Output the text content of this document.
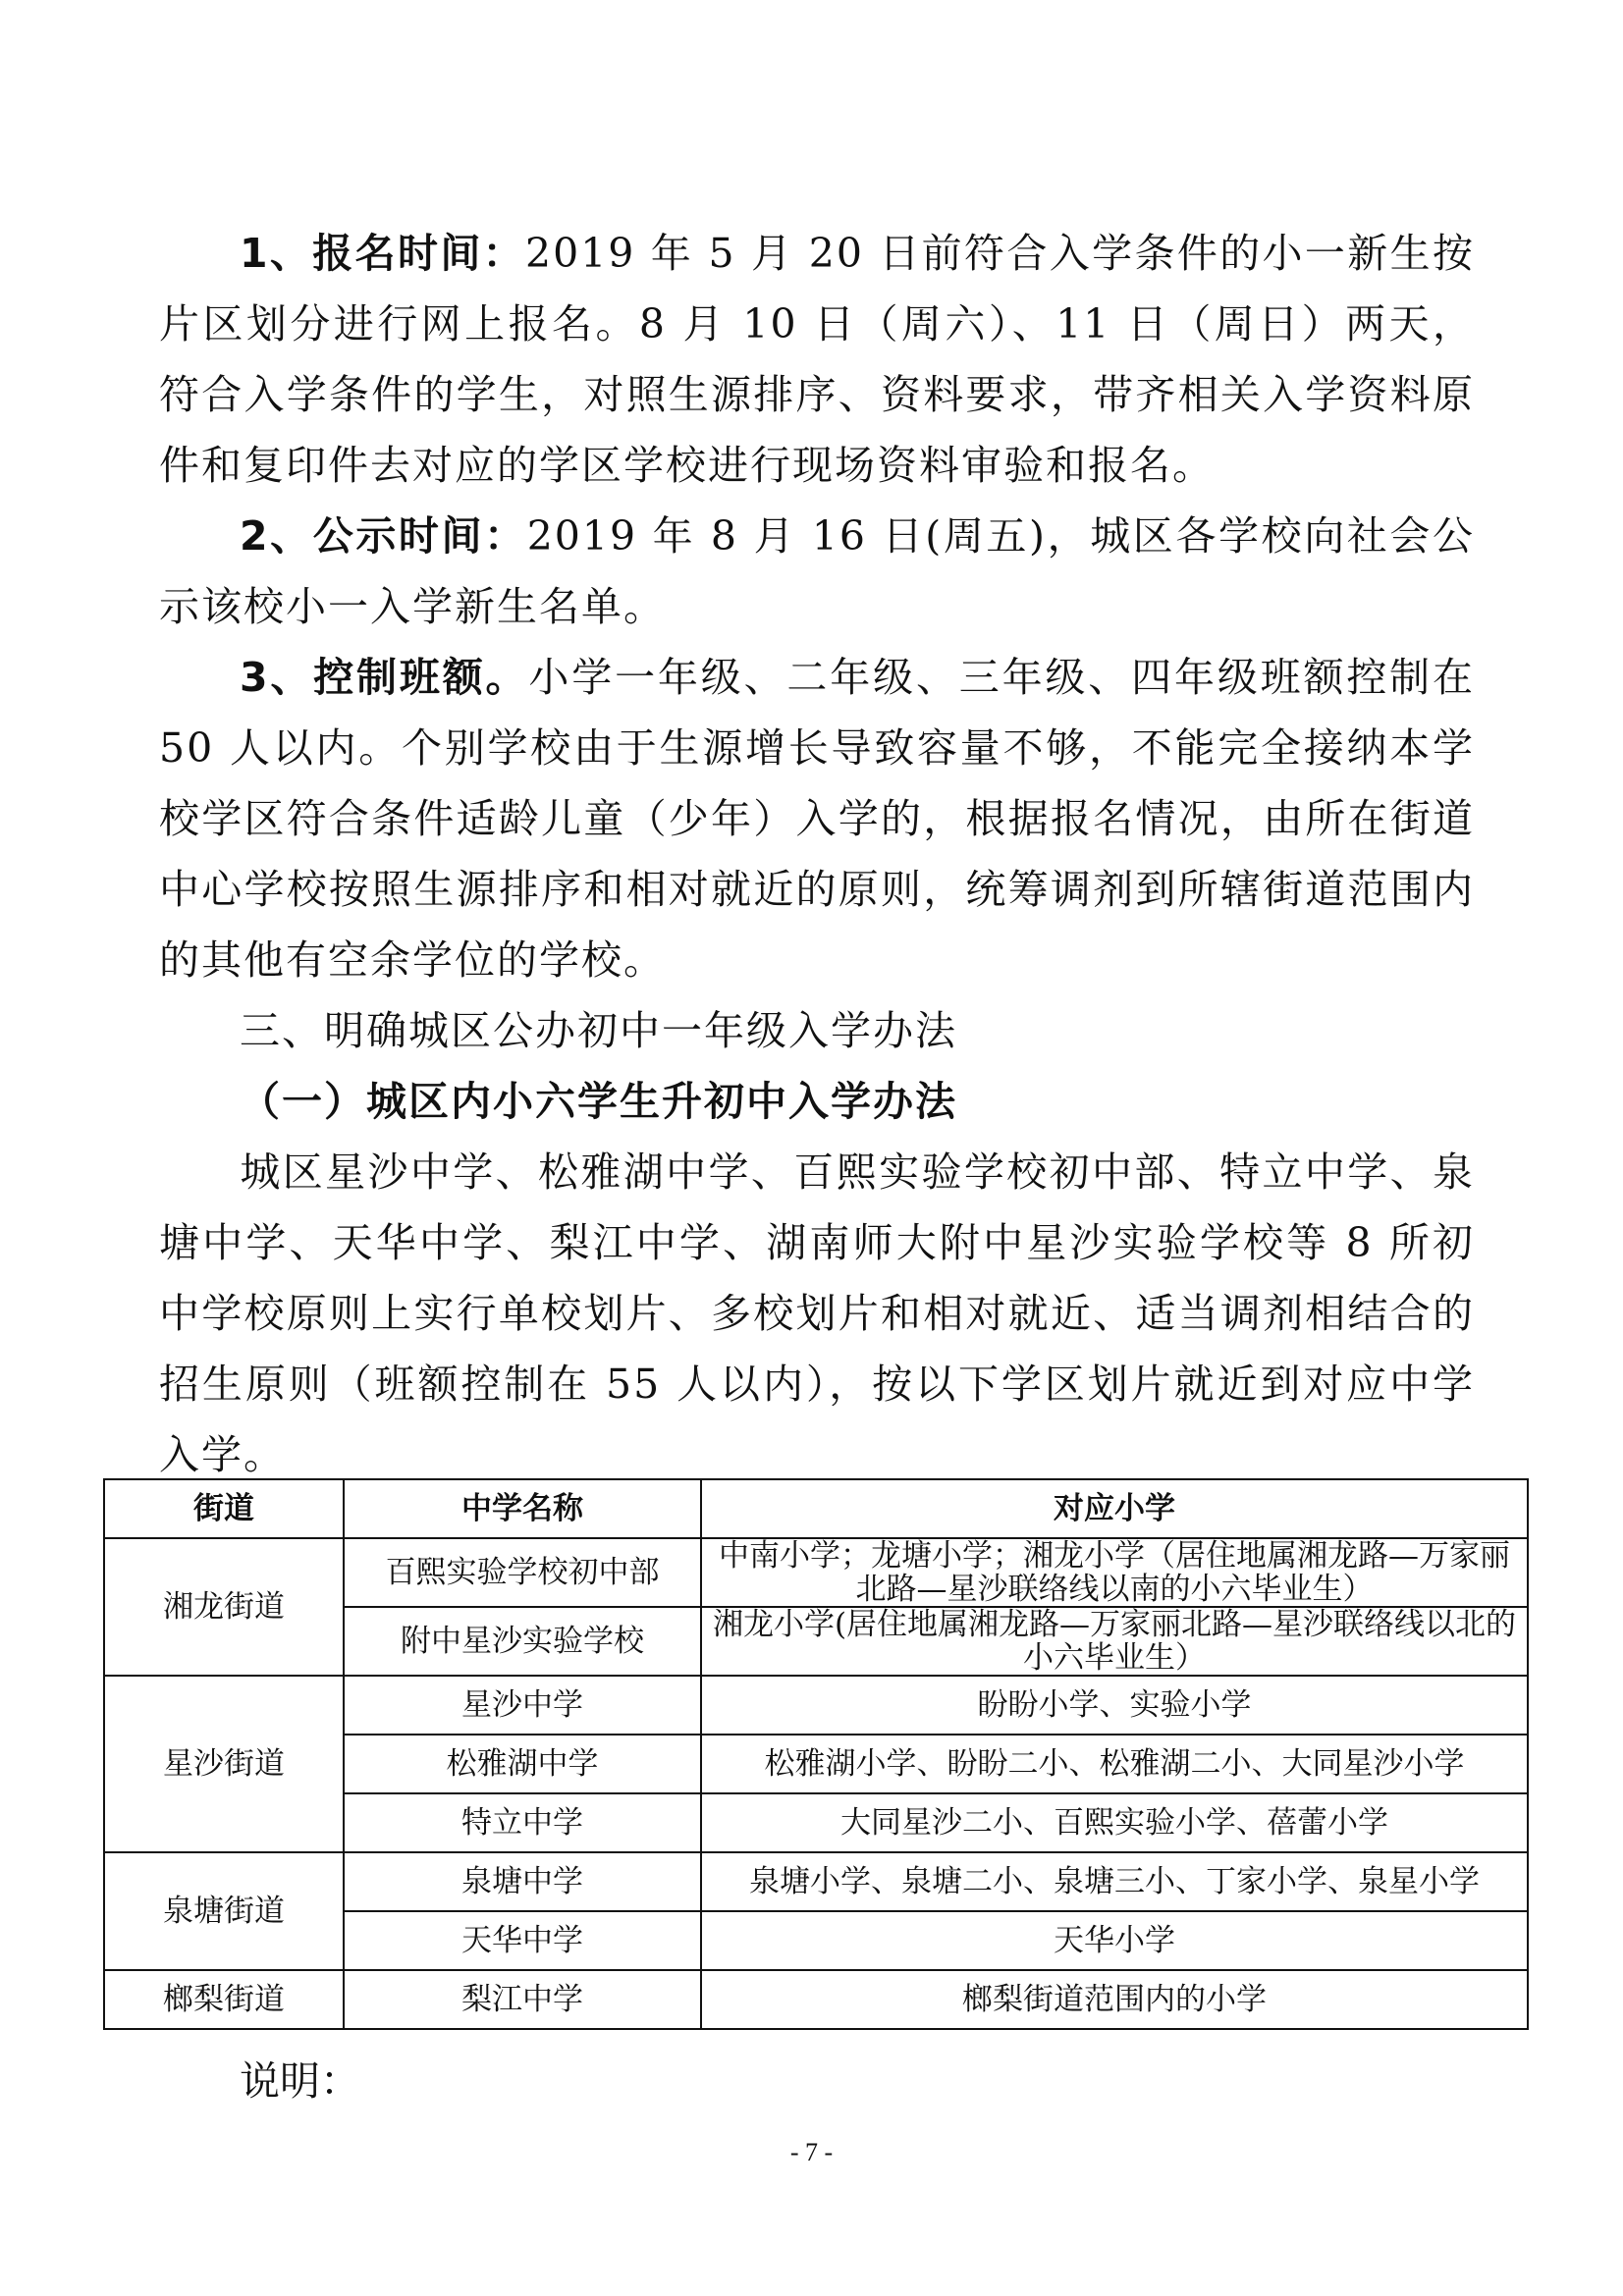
1、报名时间：2019 年 5 月 20 日前符合入学条件的小一新生按片区划分进行网上报名。8 月 10 日（周六）、11 日（周日）两天，符合入学条件的学生，对照生源排序、资料要求，带齐相关入学资料原件和复印件去对应的学区学校进行现场资料审验和报名。

2、公示时间：2019 年 8 月 16 日(周五)，城区各学校向社会公示该校小一入学新生名单。

3、控制班额。小学一年级、二年级、三年级、四年级班额控制在 50 人以内。个别学校由于生源增长导致容量不够，不能完全接纳本学校学区符合条件适龄儿童（少年）入学的，根据报名情况，由所在街道中心学校按照生源排序和相对就近的原则，统筹调剂到所辖街道范围内的其他有空余学位的学校。

三、明确城区公办初中一年级入学办法

（一）城区内小六学生升初中入学办法

城区星沙中学、松雅湖中学、百熙实验学校初中部、特立中学、泉塘中学、天华中学、梨江中学、湖南师大附中星沙实验学校等 8 所初中学校原则上实行单校划片、多校划片和相对就近、适当调剂相结合的招生原则（班额控制在 55 人以内），按以下学区划片就近到对应中学入学。

街道	中学名称	对应小学
湘龙街道	百熙实验学校初中部	中南小学；龙塘小学；湘龙小学（居住地属湘龙路—万家丽北路—星沙联络线以南的小六毕业生）
	附中星沙实验学校	湘龙小学(居住地属湘龙路—万家丽北路—星沙联络线以北的小六毕业生）
星沙街道	星沙中学	盼盼小学、实验小学
	松雅湖中学	松雅湖小学、盼盼二小、松雅湖二小、大同星沙小学
	特立中学	大同星沙二小、百熙实验小学、蓓蕾小学
泉塘街道	泉塘中学	泉塘小学、泉塘二小、泉塘三小、丁家小学、泉星小学
	天华中学	天华小学
榔梨街道	梨江中学	榔梨街道范围内的小学

说明：

- 7 -
